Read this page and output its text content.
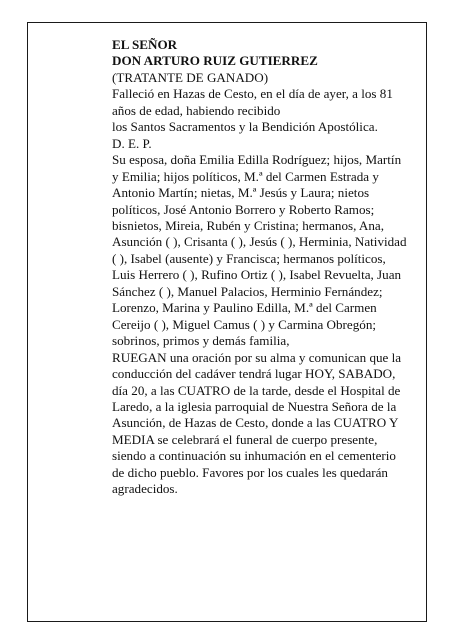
EL SEÑOR
DON ARTURO RUIZ GUTIERREZ
(TRATANTE DE GANADO)
Falleció en Hazas de Cesto, en el día de ayer, a los 81
años de edad, habiendo recibido
los Santos Sacramentos y la Bendición Apostólica.
D. E. P.
Su esposa, doña Emilia Edilla Rodríguez; hijos, Martín
y Emilia; hijos políticos, M.ª del Carmen Estrada y
Antonio Martín; nietas, M.ª Jesús y Laura; nietos
políticos, José Antonio Borrero y Roberto Ramos;
bisnietos, Mireia, Rubén y Cristina; hermanos, Ana,
Asunción ( ), Crisanta ( ), Jesús ( ), Herminia, Natividad
( ), Isabel (ausente) y Francisca; hermanos políticos,
Luis Herrero ( ), Rufino Ortiz ( ), Isabel Revuelta, Juan
Sánchez ( ), Manuel Palacios, Herminio Fernández;
Lorenzo, Marina y Paulino Edilla, M.ª del Carmen
Cereijo ( ), Miguel Camus ( ) y Carmina Obregón;
sobrinos, primos y demás familia,
RUEGAN una oración por su alma y comunican que la
conducción del cadáver tendrá lugar HOY, SABADO,
día 20, a las CUATRO de la tarde, desde el Hospital de
Laredo, a la iglesia parroquial de Nuestra Señora de la
Asunción, de Hazas de Cesto, donde a las CUATRO Y
MEDIA se celebrará el funeral de cuerpo presente,
siendo a continuación su inhumación en el cementerio
de dicho pueblo. Favores por los cuales les quedarán
agradecidos.
